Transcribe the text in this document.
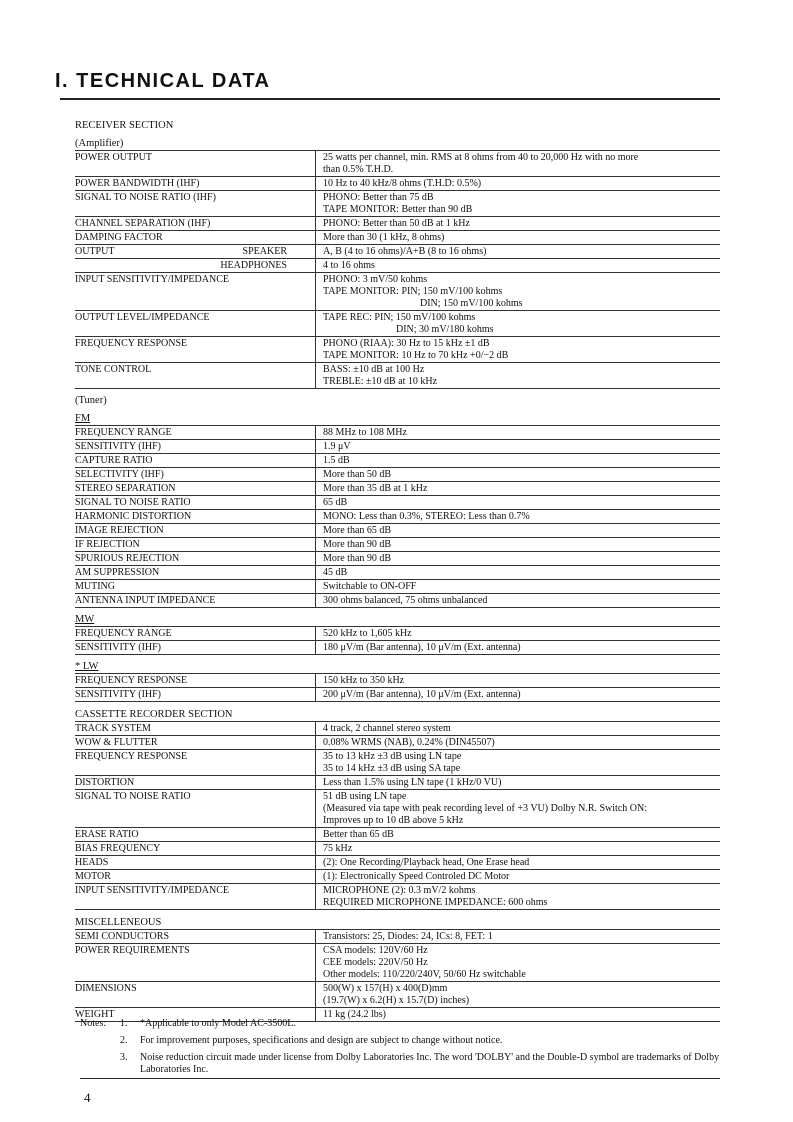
I. TECHNICAL DATA
RECEIVER SECTION
(Amplifier)
POWER OUTPUT	25 watts per channel, min. RMS at 8 ohms from 40 to 20,000 Hz with no more
than 0.5% T.H.D.
POWER BANDWIDTH (IHF)	10 Hz to 40 kHz/8 ohms (T.H.D: 0.5%)
SIGNAL TO NOISE RATIO (IHF)	PHONO: Better than 75 dB
TAPE MONITOR: Better than 90 dB
CHANNEL SEPARATION (IHF)	PHONO: Better than 50 dB at 1 kHz
DAMPING FACTOR	More than 30 (1 kHz, 8 ohms)
OUTPUT	SPEAKER	A, B (4 to 16 ohms)/A+B (8 to 16 ohms)
HEADPHONES	4 to 16 ohms
INPUT SENSITIVITY/IMPEDANCE	PHONO: 3 mV/50 kohms
TAPE MONITOR: PIN; 150 mV/100 kohms
DIN; 150 mV/100 kohms
OUTPUT LEVEL/IMPEDANCE	TAPE REC: PIN; 150 mV/100 kohms
DIN; 30 mV/180 kohms
FREQUENCY RESPONSE	PHONO (RIAA): 30 Hz to 15 kHz ±1 dB
TAPE MONITOR: 10 Hz to 70 kHz +0/−2 dB
TONE CONTROL	BASS: ±10 dB at 100 Hz
TREBLE: ±10 dB at 10 kHz
(Tuner)
FM
FREQUENCY RANGE	88 MHz to 108 MHz
SENSITIVITY (IHF)	1.9 μV
CAPTURE RATIO	1.5 dB
SELECTIVITY (IHF)	More than 50 dB
STEREO SEPARATION	More than 35 dB at 1 kHz
SIGNAL TO NOISE RATIO	65 dB
HARMONIC DISTORTION	MONO: Less than 0.3%, STEREO: Less than 0.7%
IMAGE REJECTION	More than 65 dB
IF REJECTION	More than 90 dB
SPURIOUS REJECTION	More than 90 dB
AM SUPPRESSION	45 dB
MUTING	Switchable to ON-OFF
ANTENNA INPUT IMPEDANCE	300 ohms balanced, 75 ohms unbalanced
MW
FREQUENCY RANGE	520 kHz to 1,605 kHz
SENSITIVITY (IHF)	180 μV/m (Bar antenna), 10 μV/m (Ext. antenna)
* LW
FREQUENCY RESPONSE	150 kHz to 350 kHz
SENSITIVITY (IHF)	200 μV/m (Bar antenna), 10 μV/m (Ext. antenna)
CASSETTE RECORDER SECTION
TRACK SYSTEM	4 track, 2 channel stereo system
WOW & FLUTTER	0.08% WRMS (NAB), 0.24% (DIN45507)
FREQUENCY RESPONSE	35 to 13 kHz ±3 dB using LN tape
35 to 14 kHz ±3 dB using SA tape
DISTORTION	Less than 1.5% using LN tape (1 kHz/0 VU)
SIGNAL TO NOISE RATIO	51 dB using LN tape
(Measured via tape with peak recording level of +3 VU) Dolby N.R. Switch ON:
Improves up to 10 dB above 5 kHz
ERASE RATIO	Better than 65 dB
BIAS FREQUENCY	75 kHz
HEADS	(2): One Recording/Playback head, One Erase head
MOTOR	(1): Electronically Speed Controled DC Motor
INPUT SENSITIVITY/IMPEDANCE	MICROPHONE (2): 0.3 mV/2 kohms
REQUIRED MICROPHONE IMPEDANCE: 600 ohms
MISCELLENEOUS
SEMI CONDUCTORS	Transistors: 25, Diodes: 24, ICs: 8, FET: 1
POWER REQUIREMENTS	CSA models: 120V/60 Hz
CEE models: 220V/50 Hz
Other models: 110/220/240V, 50/60 Hz switchable
DIMENSIONS	500(W) x 157(H) x 400(D)mm
(19.7(W) x 6.2(H) x 15.7(D) inches)
WEIGHT	11 kg (24.2 lbs)
Notes:	1.	*Applicable to only Model AC-3500L.
2.	For improvement purposes, specifications and design are subject to change without notice.
3.	Noise reduction circuit made under license from Dolby Laboratories Inc. The word 'DOLBY' and the Double-D symbol are trademarks of Dolby Laboratories Inc.
4
